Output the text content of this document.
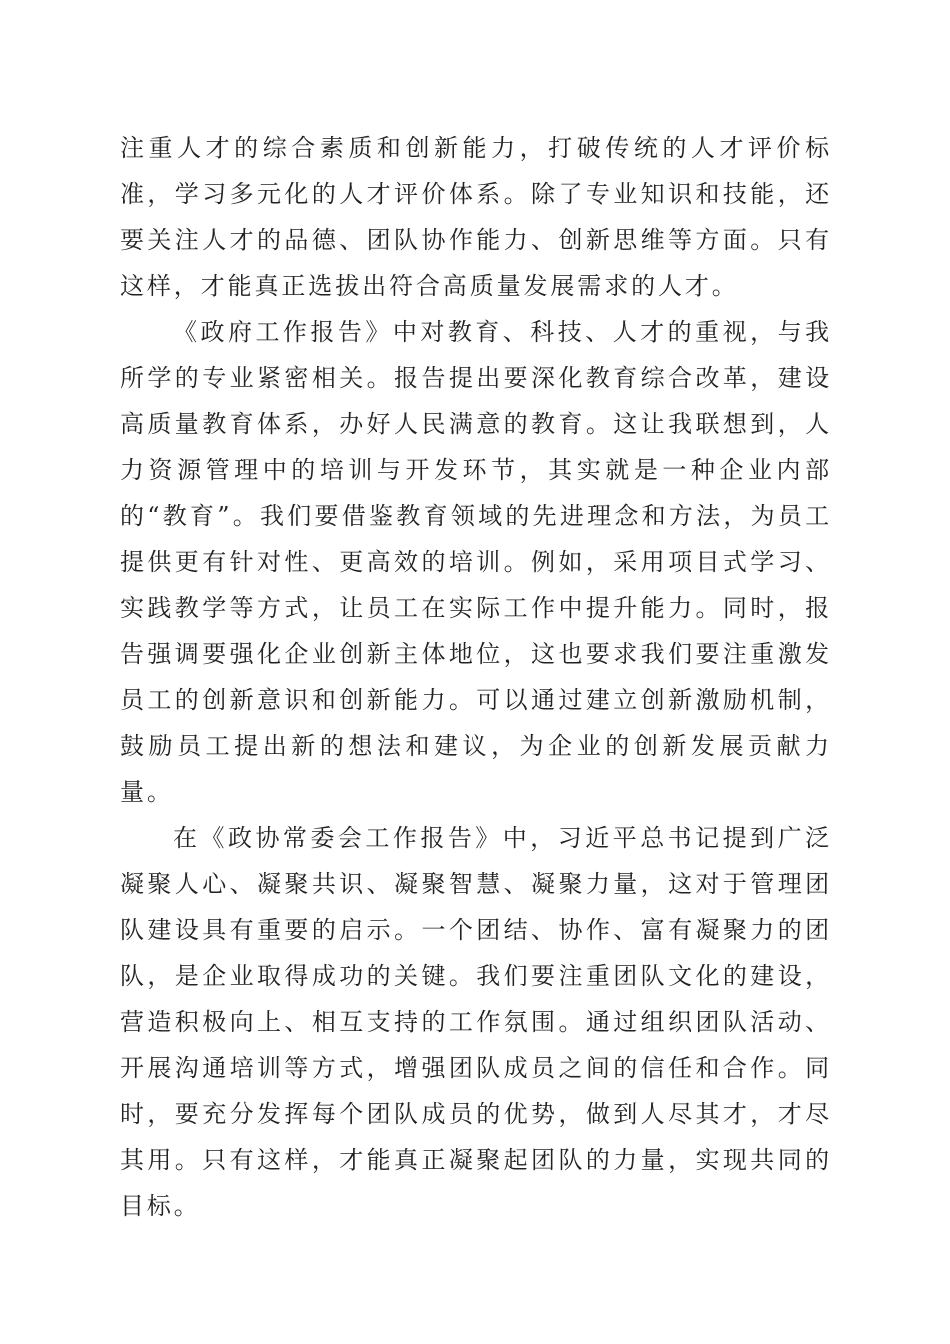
注重人才的综合素质和创新能力，打破传统的人才评价标准，学习多元化的人才评价体系。除了专业知识和技能，还要关注人才的品德、团队协作能力、创新思维等方面。只有这样，才能真正选拔出符合高质量发展需求的人才。

《政府工作报告》中对教育、科技、人才的重视，与我所学的专业紧密相关。报告提出要深化教育综合改革，建设高质量教育体系，办好人民满意的教育。这让我联想到，人力资源管理中的培训与开发环节，其实就是一种企业内部的“教育”。我们要借鉴教育领域的先进理念和方法，为员工提供更有针对性、更高效的培训。例如，采用项目式学习、实践教学等方式，让员工在实际工作中提升能力。同时，报告强调要强化企业创新主体地位，这也要求我们要注重激发员工的创新意识和创新能力。可以通过建立创新激励机制，鼓励员工提出新的想法和建议，为企业的创新发展贡献力量。

在《政协常委会工作报告》中，习近平总书记提到广泛凝聚人心、凝聚共识、凝聚智慧、凝聚力量，这对于管理团队建设具有重要的启示。一个团结、协作、富有凝聚力的团队，是企业取得成功的关键。我们要注重团队文化的建设，营造积极向上、相互支持的工作氛围。通过组织团队活动、开展沟通培训等方式，增强团队成员之间的信任和合作。同时，要充分发挥每个团队成员的优势，做到人尽其才，才尽其用。只有这样，才能真正凝聚起团队的力量，实现共同的目标。
